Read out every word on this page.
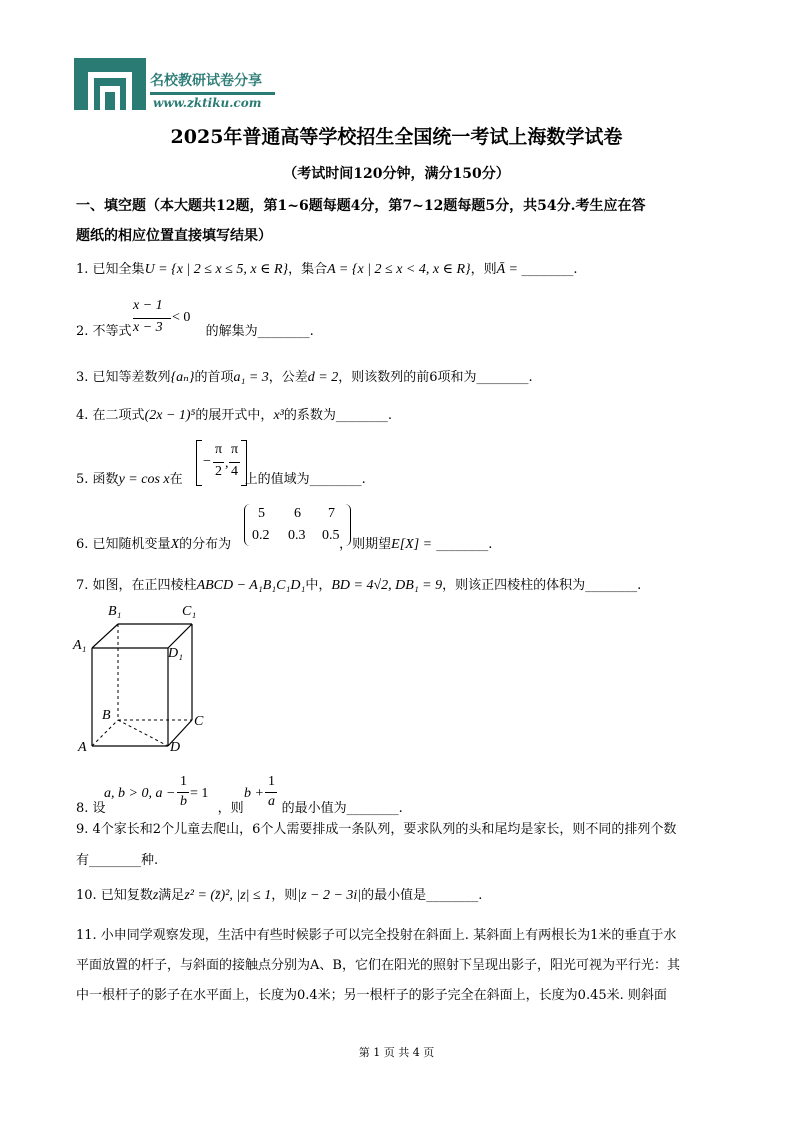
名校教研试卷分享
www.zktiku.com
2025年普通高等学校招生全国统一考试上海数学试卷
（考试时间120分钟，满分150分）
一、填空题（本大题共12题，第1~6题每题4分，第7~12题每题5分，共54分.考生应在答
题纸的相应位置直接填写结果）
1. 已知全集U = {x | 2 ≤ x ≤ 5, x ∈ R}，集合A = {x | 2 ≤ x < 4, x ∈ R}，则Ā = ________.
x − 1
x − 3
< 0
2. 不等式	的解集为________.
3. 已知等差数列{aₙ}的首项a₁ = 3，公差d = 2，则该数列的前6项和为________.
4. 在二项式(2x − 1)⁵的展开式中，x³的系数为________.
−
π
2
,
π
4
5. 函数y = cos x在	上的值域为________.
5 6 7
0.2 0.3 0.5
6. 已知随机变量X的分布为	，则期望E[X] = ________.
7. 如图，在正四棱柱ABCD − A₁B₁C₁D₁中，BD = 4√2, DB₁ = 9，则该正四棱柱的体积为________.
B₁	C₁
A₁
D₁
B	C
A	D
a, b > 0, a −
1
b
= 1	b +
1
a
8. 设	，则	的最小值为________.
9. 4个家长和2个儿童去爬山，6个人需要排成一条队列，要求队列的头和尾均是家长，则不同的排列个数
有________种.
10. 已知复数z满足z² = (z̄)², |z| ≤ 1，则|z − 2 − 3i|的最小值是________.
11. 小申同学观察发现，生活中有些时候影子可以完全投射在斜面上. 某斜面上有两根长为1米的垂直于水
平面放置的杆子，与斜面的接触点分别为A、B，它们在阳光的照射下呈现出影子，阳光可视为平行光：其
中一根杆子的影子在水平面上，长度为0.4米；另一根杆子的影子完全在斜面上，长度为0.45米. 则斜面
第 1 页 共 4 页
